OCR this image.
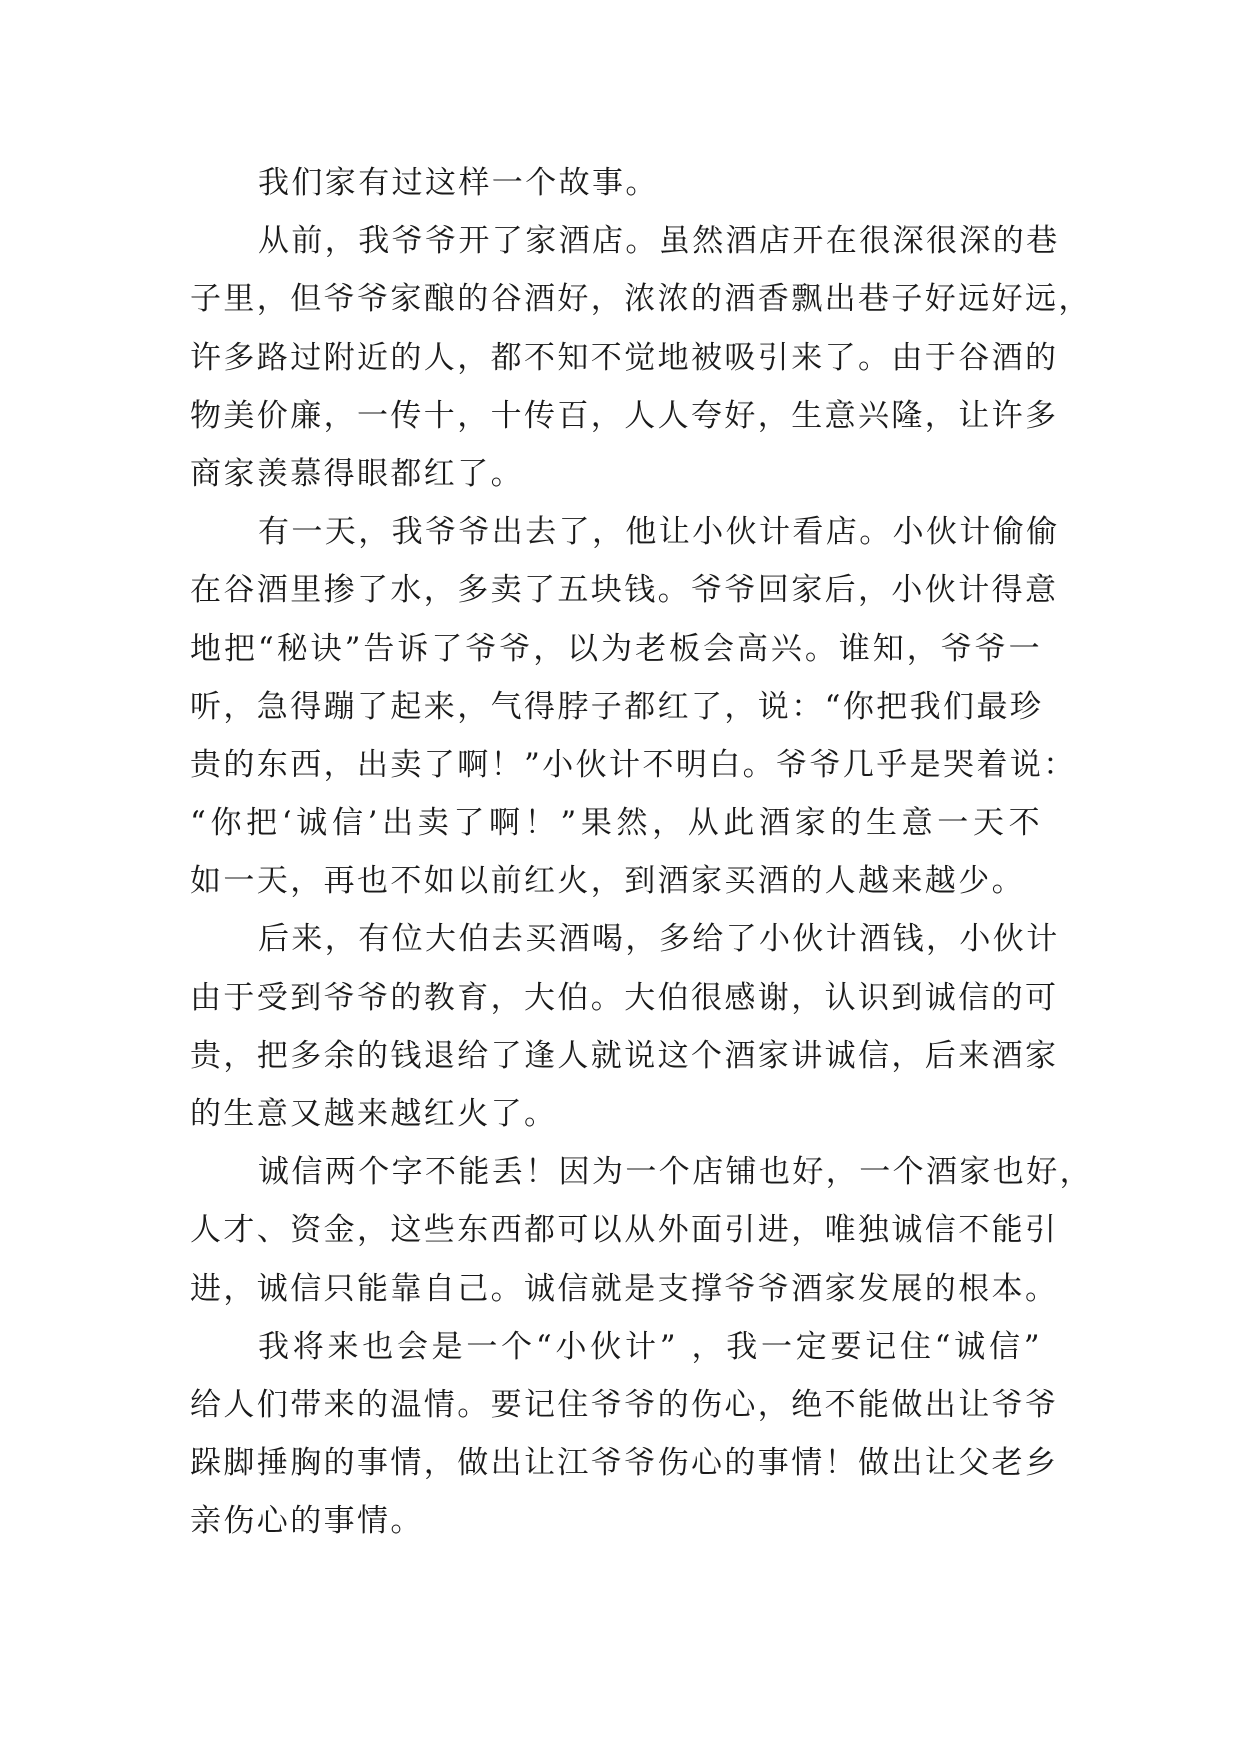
我们家有过这样一个故事。
从前，我爷爷开了家酒店。虽然酒店开在很深很深的巷
子里，但爷爷家酿的谷酒好，浓浓的酒香飘出巷子好远好远，
许多路过附近的人，都不知不觉地被吸引来了。由于谷酒的
物美价廉，一传十，十传百，人人夸好，生意兴隆，让许多
商家羡慕得眼都红了。
有一天，我爷爷出去了，他让小伙计看店。小伙计偷偷
在谷酒里掺了水，多卖了五块钱。爷爷回家后，小伙计得意
地把“秘诀”告诉了爷爷，以为老板会高兴。谁知，爷爷一
听，急得蹦了起来，气得脖子都红了，说：“你把我们最珍
贵的东西，出卖了啊！”小伙计不明白。爷爷几乎是哭着说：
“你把‘诚信’出卖了啊！”果然，从此酒家的生意一天不
如一天，再也不如以前红火，到酒家买酒的人越来越少。
后来，有位大伯去买酒喝，多给了小伙计酒钱，小伙计
由于受到爷爷的教育，大伯。大伯很感谢，认识到诚信的可
贵，把多余的钱退给了逢人就说这个酒家讲诚信，后来酒家
的生意又越来越红火了。
诚信两个字不能丢！因为一个店铺也好，一个酒家也好，
人才、资金，这些东西都可以从外面引进，唯独诚信不能引
进，诚信只能靠自己。诚信就是支撑爷爷酒家发展的根本。
我将来也会是一个“小伙计” ，我一定要记住“诚信”
给人们带来的温情。要记住爷爷的伤心，绝不能做出让爷爷
跺脚捶胸的事情，做出让江爷爷伤心的事情！做出让父老乡
亲伤心的事情。
